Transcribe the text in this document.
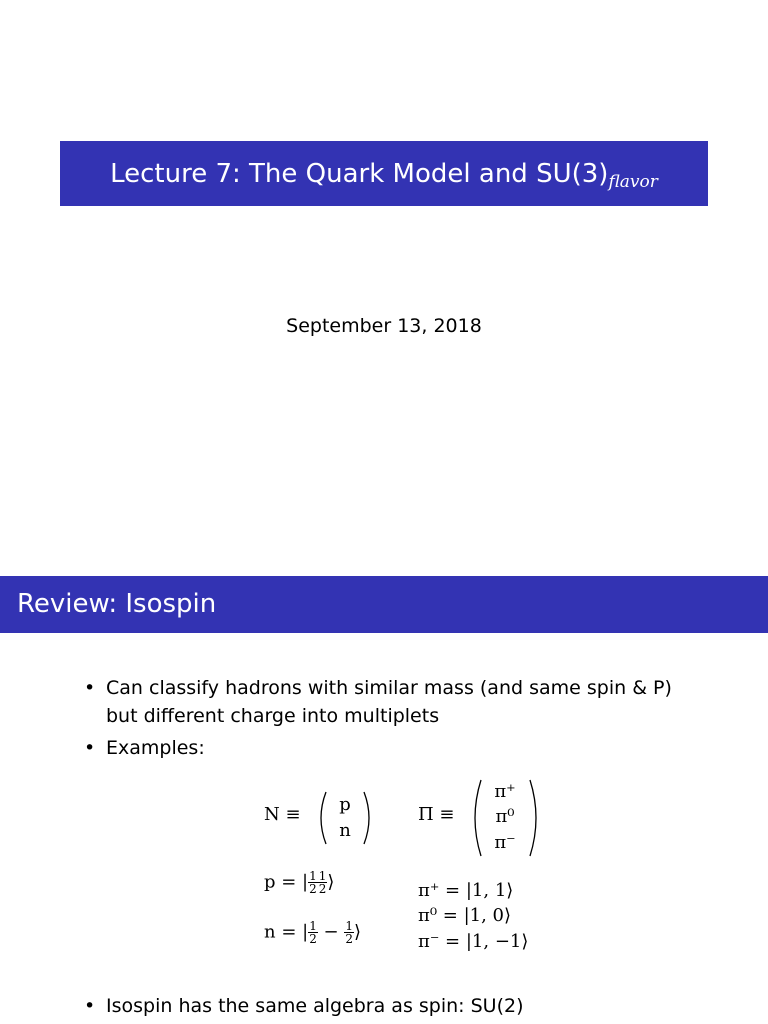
Lecture 7: The Quark Model and SU(3) flavor
September 13, 2018
Review: Isospin
• Can classify hadrons with similar mass (and same spin & P)
but different charge into multiplets
• Examples:
N ≡	p
n
Π ≡
π⁺
π⁰
π⁻
p = | $\frac{1}{2} \frac{1}{2}$ ⟩
n = | $\frac{1}{2} - \frac{1}{2}$ ⟩
π⁺ = |1, 1⟩
π⁰ = |1, 0⟩
π⁻ = |1, −1⟩
• Isospin has the same algebra as spin: SU(2)
